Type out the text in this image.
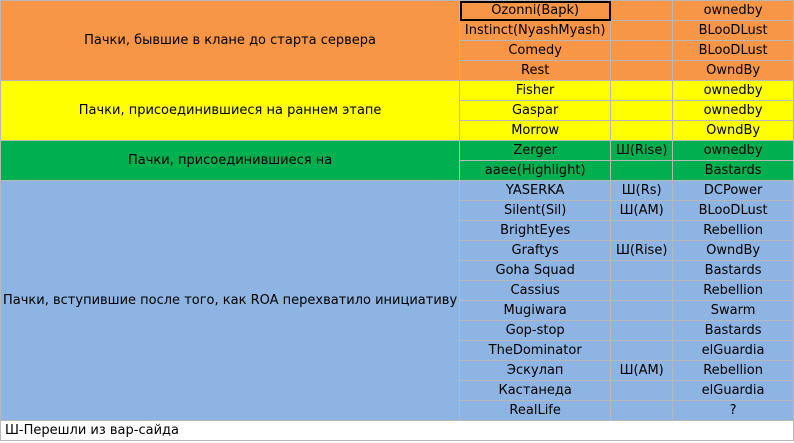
Пачки, бывшие в клане до старта сервера	Ozonni(Вapk)		ownedby
	Instinct(NyashMyash)		BLooDLust
	Comedy		BLooDLust
	Rest		OwndBy
Пачки, присоединившиеся на раннем этапе	Fisher		ownedby
	Gaspar		ownedby
	Morrow		OwndBy
Пачки, присоединившиеся на	Zerger	Ш(Rise)	ownedby
	aaee(Highlight)		Bastards
Пачки, вступившие после того, как ROA перехватило инициативу	YASERKA	Ш(Rs)	DCPower
	Silent(Sil)	Ш(AM)	BLooDLust
	BrightEyes		Rebellion
	Graftys	Ш(Rise)	OwndBy
	Goha Squad		Bastards
	Cassius		Rebellion
	Mugiwara		Swarm
	Gop-stop		Bastards
	TheDominator		elGuardia
	Эскулап	Ш(AM)	Rebellion
	Кастанеда		elGuardia
	RealLife		?
Ш-Перешли из вар-сайда			
